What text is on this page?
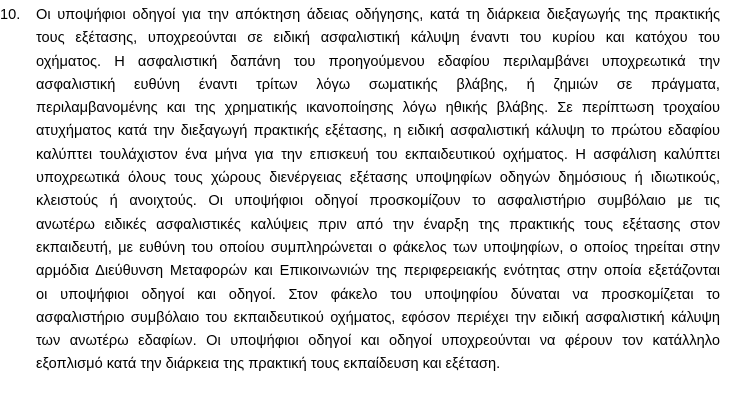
10. Οι υποψήφιοι οδηγοί για την απόκτηση άδειας οδήγησης, κατά τη διάρκεια διεξαγωγής της πρακτικής
τους εξέτασης, υποχρεούνται σε ειδική ασφαλιστική κάλυψη έναντι του κυρίου και κατόχου του
οχήματος. Η ασφαλιστική δαπάνη του προηγούμενου εδαφίου περιλαμβάνει υποχρεωτικά την
ασφαλιστική ευθύνη έναντι τρίτων λόγω σωματικής βλάβης, ή ζημιών σε πράγματα,
περιλαμβανομένης και της χρηματικής ικανοποίησης λόγω ηθικής βλάβης. Σε περίπτωση τροχαίου
ατυχήματος κατά την διεξαγωγή πρακτικής εξέτασης, η ειδική ασφαλιστική κάλυψη το πρώτου εδαφίου
καλύπτει τουλάχιστον ένα μήνα για την επισκευή του εκπαιδευτικού οχήματος. Η ασφάλιση καλύπτει
υποχρεωτικά όλους τους χώρους διενέργειας εξέτασης υποψηφίων οδηγών δημόσιους ή ιδιωτικούς,
κλειστούς ή ανοιχτούς. Οι υποψήφιοι οδηγοί προσκομίζουν το ασφαλιστήριο συμβόλαιο με τις
ανωτέρω ειδικές ασφαλιστικές καλύψεις πριν από την έναρξη της πρακτικής τους εξέτασης στον
εκπαιδευτή, με ευθύνη του οποίου συμπληρώνεται ο φάκελος των υποψηφίων, ο οποίος τηρείται στην
αρμόδια Διεύθυνση Μεταφορών και Επικοινωνιών της περιφερειακής ενότητας στην οποία εξετάζονται
οι υποψήφιοι οδηγοί και οδηγοί. Στον φάκελο του υποψηφίου δύναται να προσκομίζεται το
ασφαλιστήριο συμβόλαιο του εκπαιδευτικού οχήματος, εφόσον περιέχει την ειδική ασφαλιστική κάλυψη
των ανωτέρω εδαφίων. Οι υποψήφιοι οδηγοί και οδηγοί υποχρεούνται να φέρουν τον κατάλληλο
εξοπλισμό κατά την διάρκεια της πρακτική τους εκπαίδευση και εξέταση.
